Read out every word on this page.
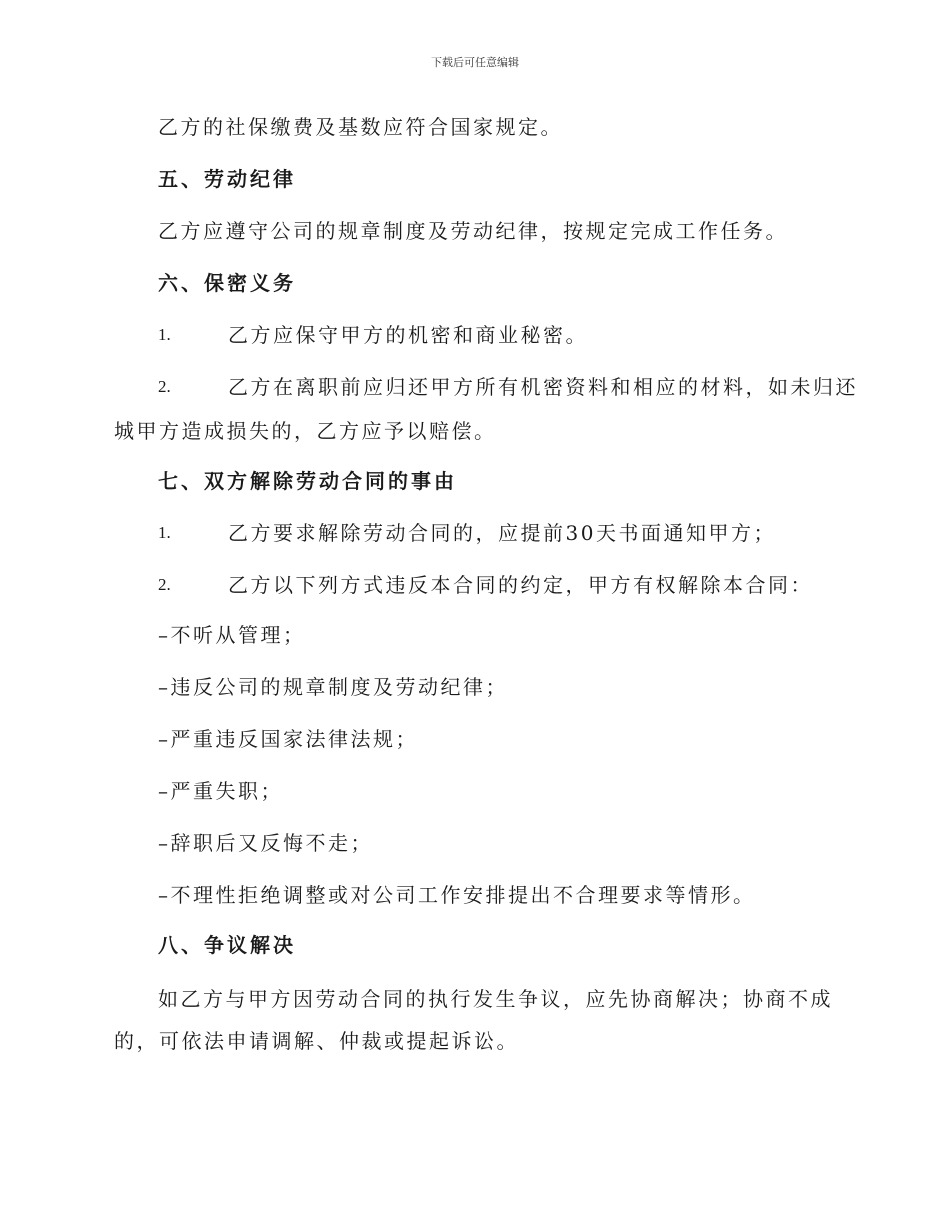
下载后可任意编辑
乙方的社保缴费及基数应符合国家规定。
五、劳动纪律
乙方应遵守公司的规章制度及劳动纪律，按规定完成工作任务。
六、保密义务
1.	乙方应保守甲方的机密和商业秘密。
2.	乙方在离职前应归还甲方所有机密资料和相应的材料，如未归还
城甲方造成损失的，乙方应予以赔偿。
七、双方解除劳动合同的事由
1.	乙方要求解除劳动合同的，应提前30天书面通知甲方；
2.	乙方以下列方式违反本合同的约定，甲方有权解除本合同：
–不听从管理；
–违反公司的规章制度及劳动纪律；
–严重违反国家法律法规；
–严重失职；
–辞职后又反悔不走；
–不理性拒绝调整或对公司工作安排提出不合理要求等情形。
八、争议解决
如乙方与甲方因劳动合同的执行发生争议，应先协商解决；协商不成
的，可依法申请调解、仲裁或提起诉讼。
